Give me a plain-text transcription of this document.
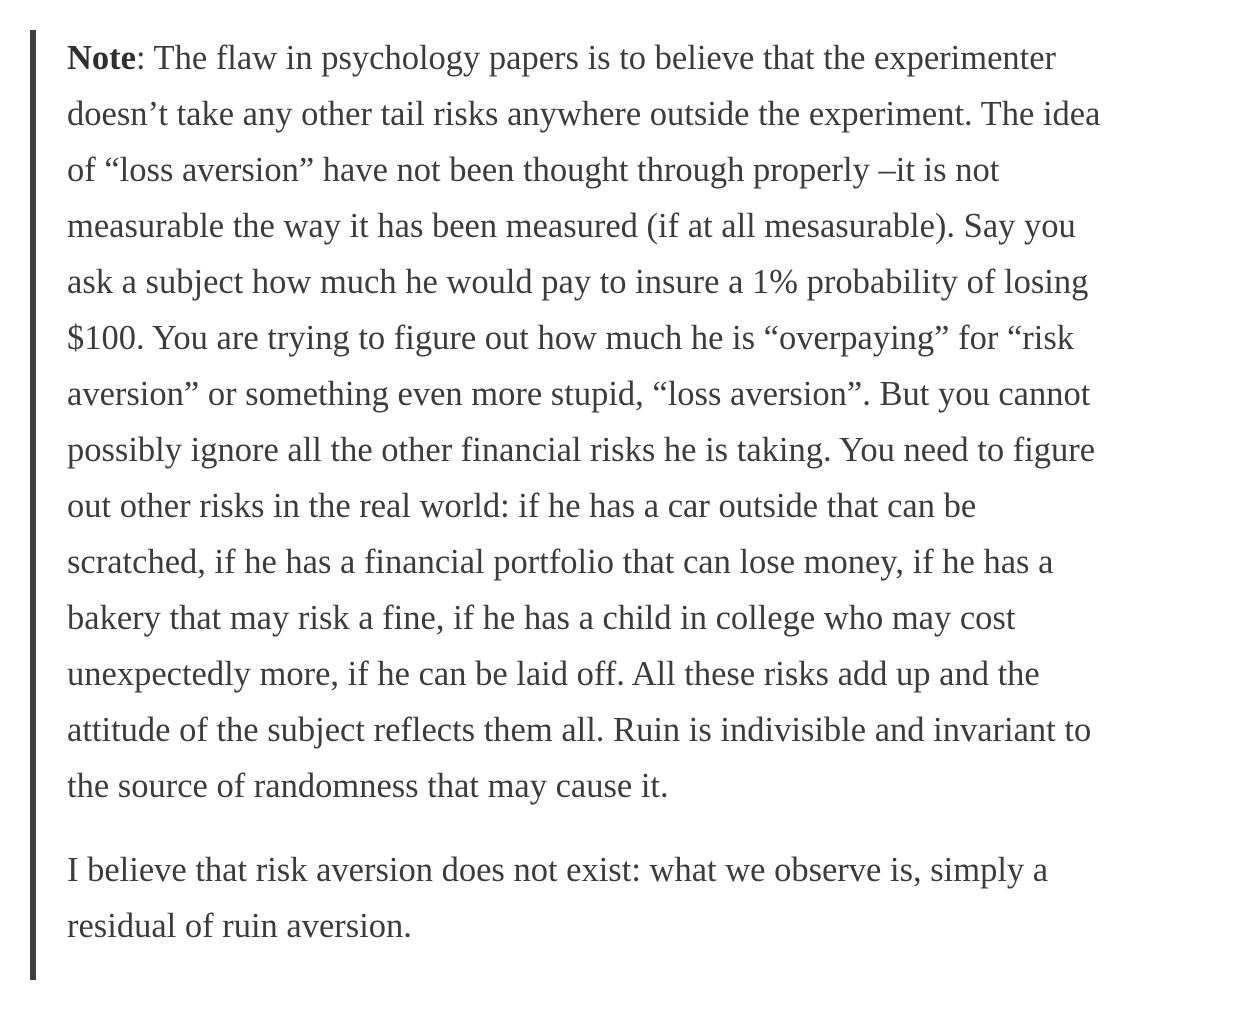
Note: The flaw in psychology papers is to believe that the experimenter
doesn’t take any other tail risks anywhere outside the experiment. The idea
of “loss aversion” have not been thought through properly –it is not
measurable the way it has been measured (if at all mesasurable). Say you
ask a subject how much he would pay to insure a 1% probability of losing
$100. You are trying to figure out how much he is “overpaying” for “risk
aversion” or something even more stupid, “loss aversion”. But you cannot
possibly ignore all the other financial risks he is taking. You need to figure
out other risks in the real world: if he has a car outside that can be
scratched, if he has a financial portfolio that can lose money, if he has a
bakery that may risk a fine, if he has a child in college who may cost
unexpectedly more, if he can be laid off. All these risks add up and the
attitude of the subject reflects them all. Ruin is indivisible and invariant to
the source of randomness that may cause it.

I believe that risk aversion does not exist: what we observe is, simply a
residual of ruin aversion.
